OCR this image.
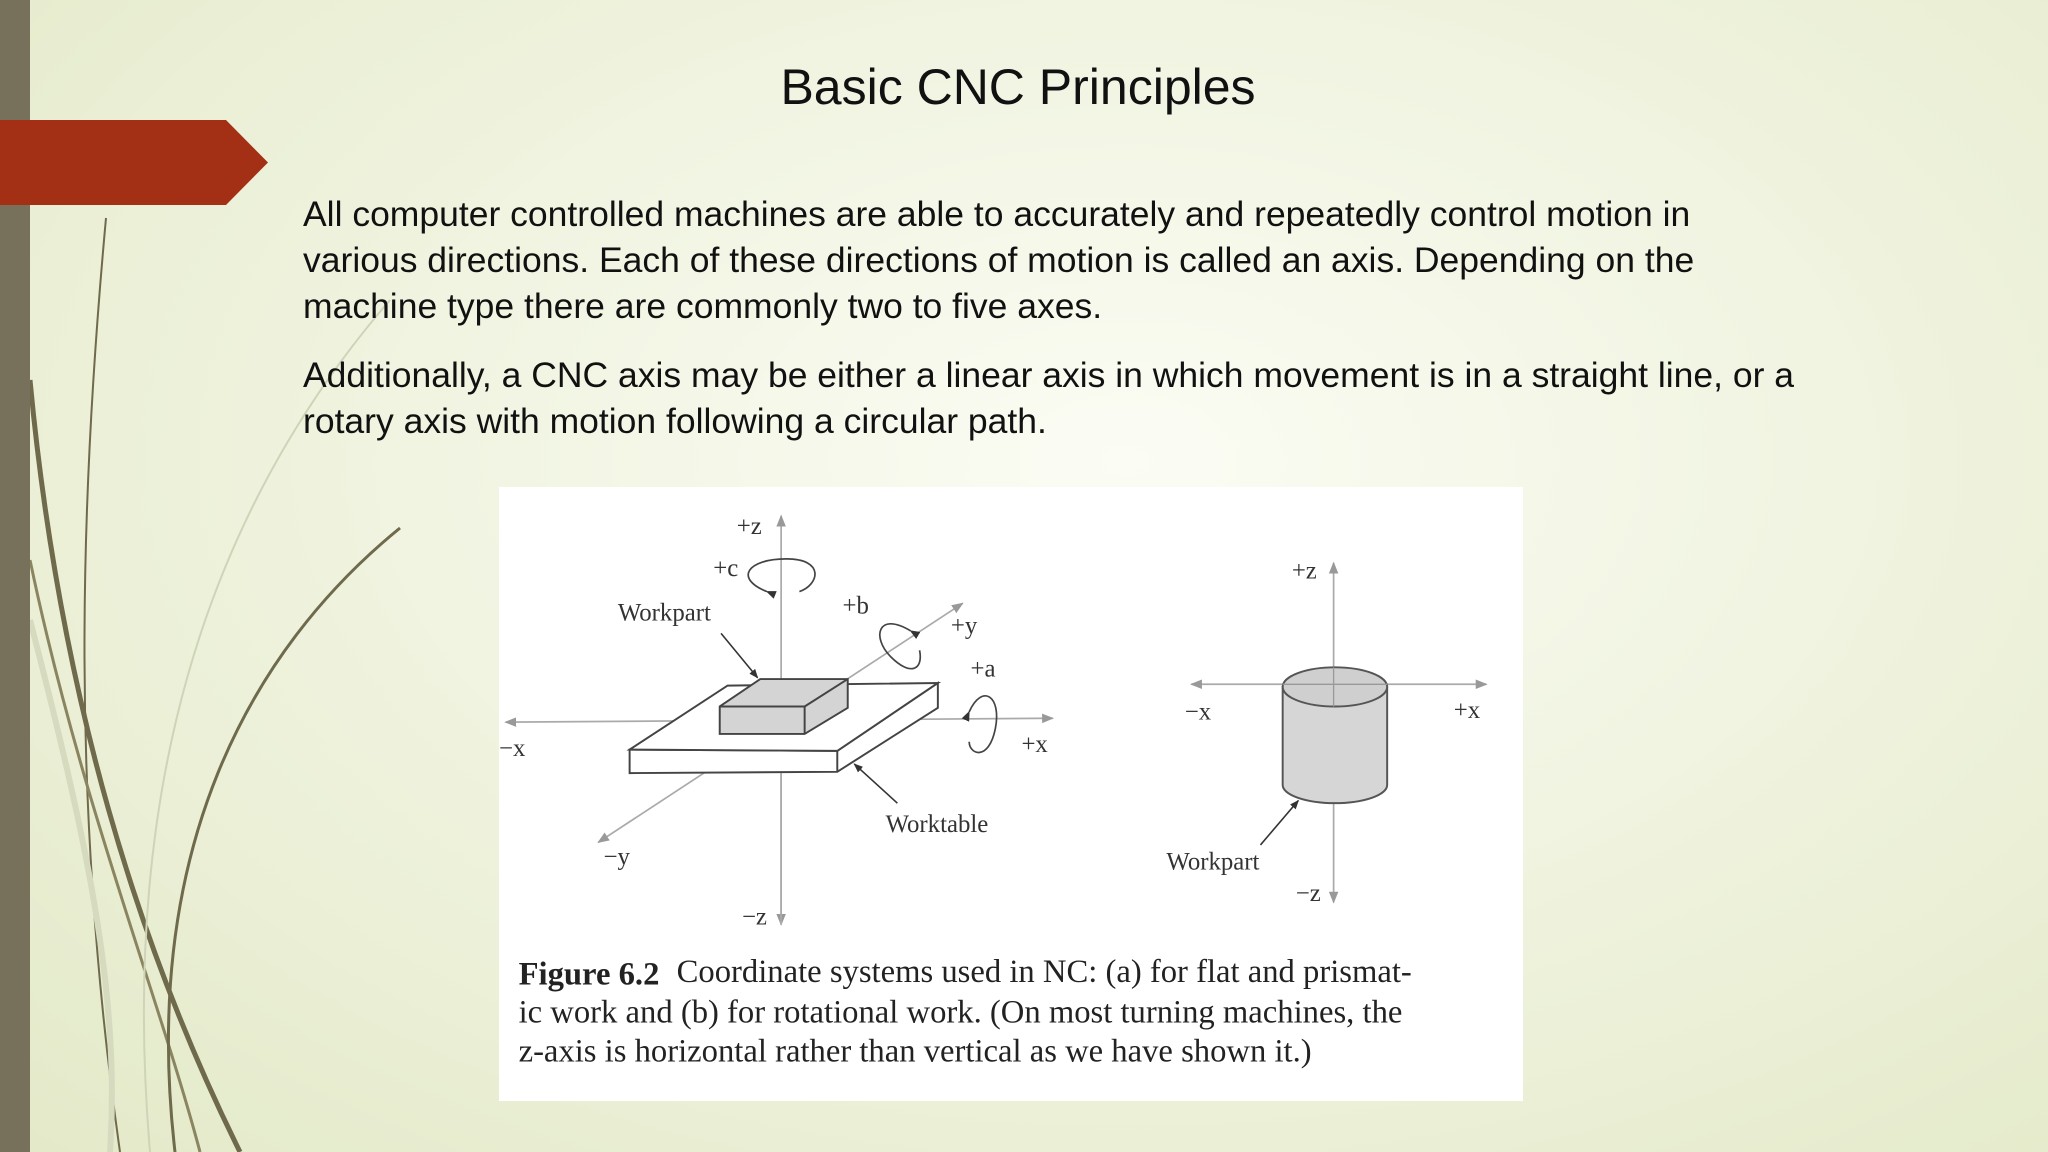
Basic CNC Principles
All computer controlled machines are able to accurately and repeatedly control motion in
various directions. Each of these directions of motion is called an axis. Depending on the
machine type there are commonly two to five axes.
Additionally, a CNC axis may be either a linear axis in which movement is in a straight line, or a
rotary axis with motion following a circular path.
+z
+c
Workpart	+b
+y
+a
−x	+x
Worktable
−y
−z
+z
−x	+x
Workpart
−z
Figure 6.2 Coordinate systems used in NC: (a) for flat and prismat-
ic work and (b) for rotational work. (On most turning machines, the
z-axis is horizontal rather than vertical as we have shown it.)
